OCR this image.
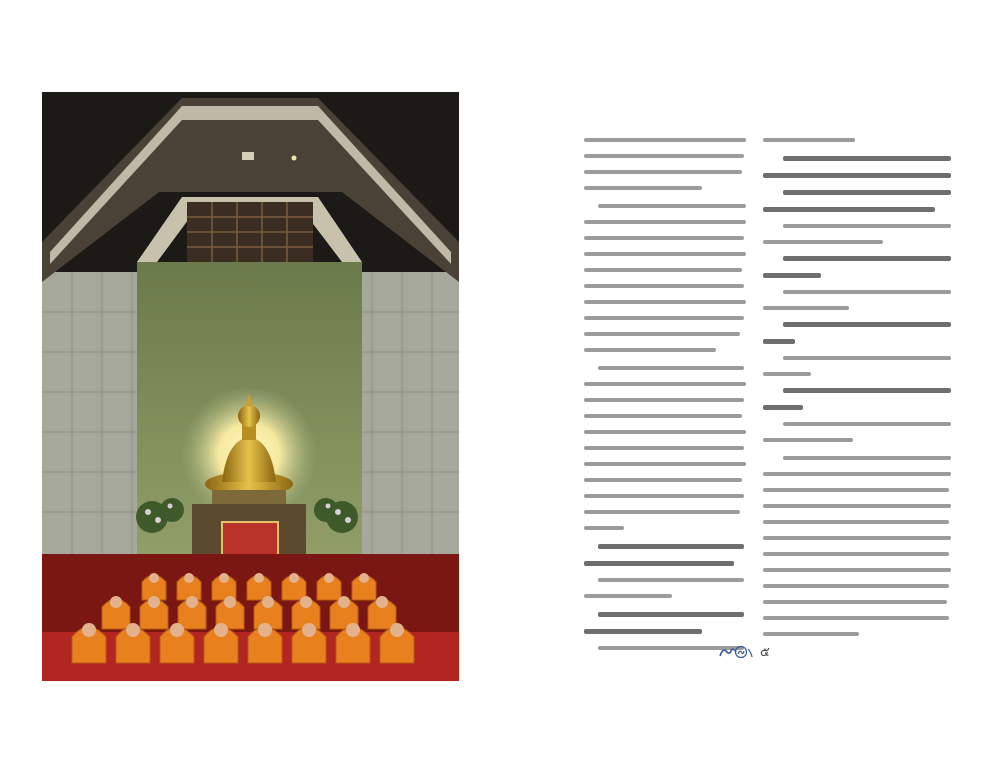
๕
